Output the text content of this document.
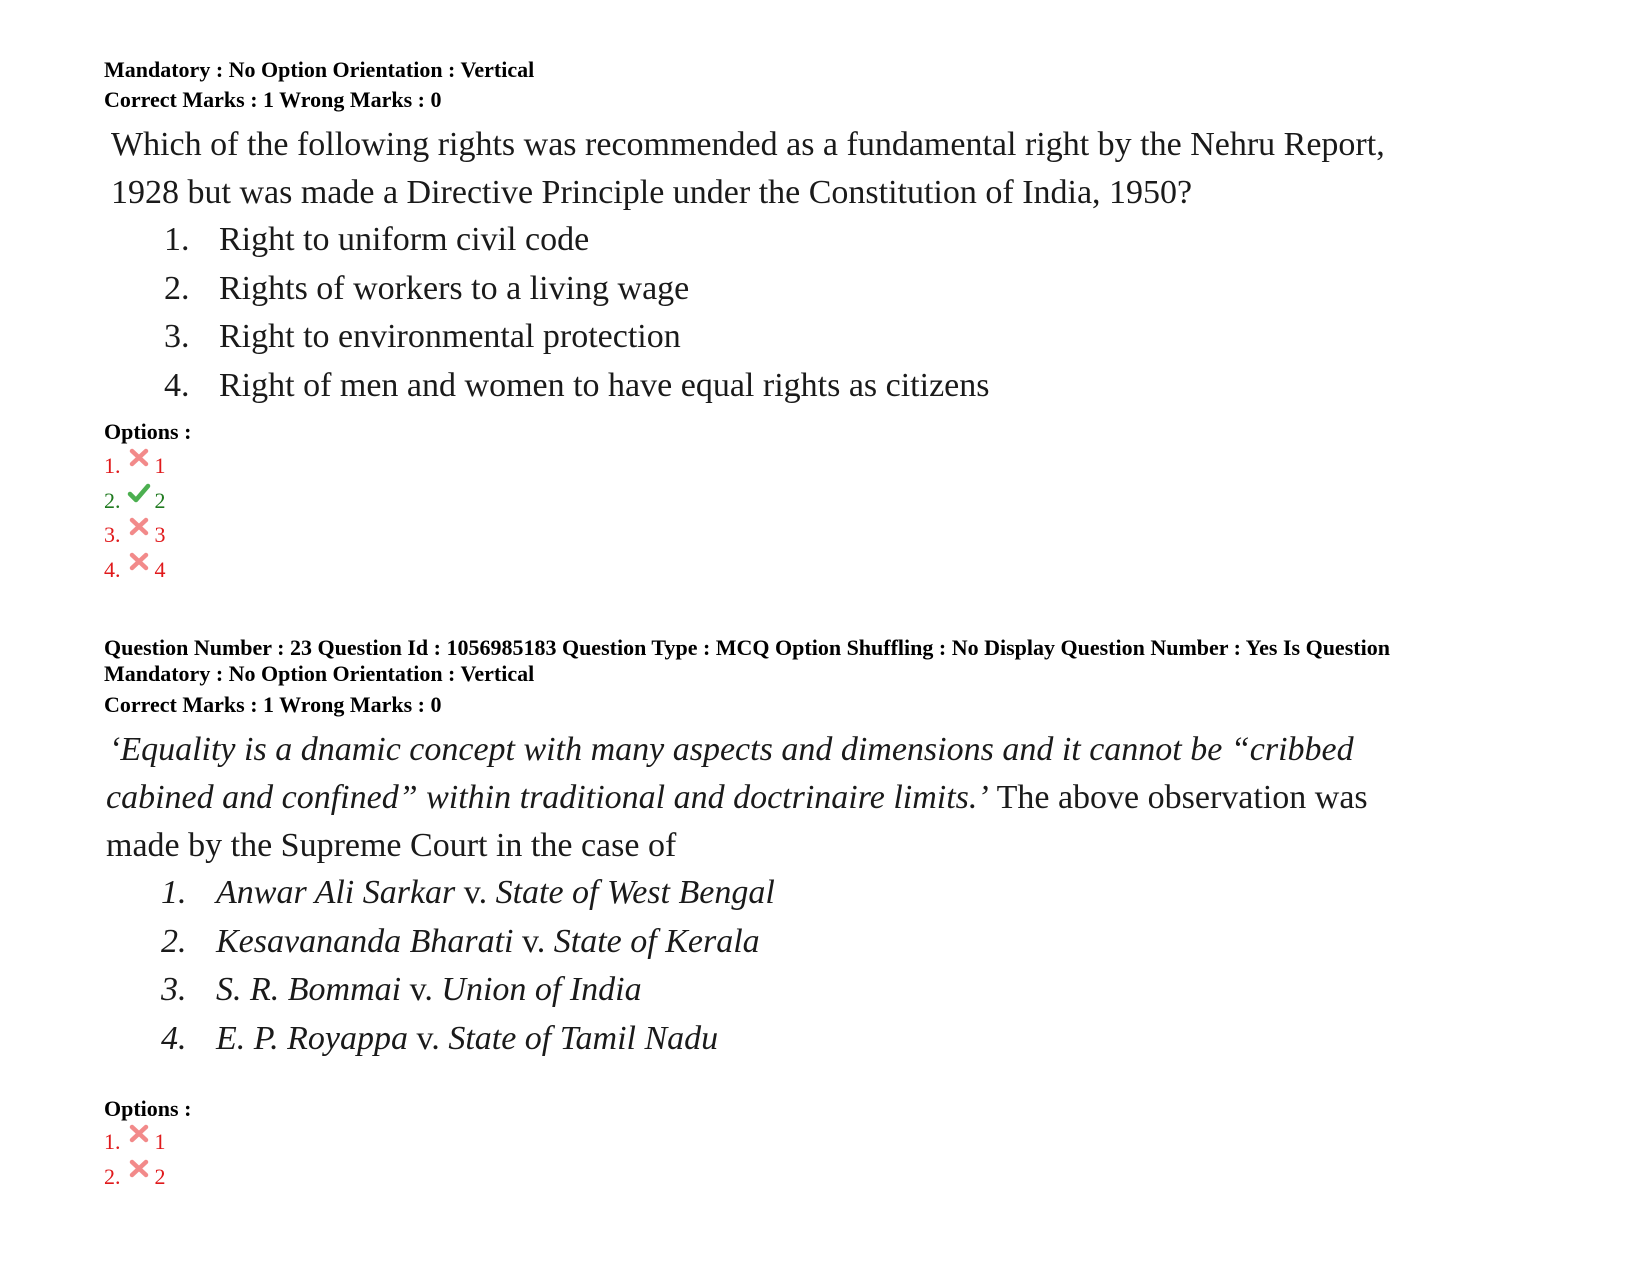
Mandatory : No Option Orientation : Vertical
Correct Marks : 1 Wrong Marks : 0
Which of the following rights was recommended as a fundamental right by the Nehru Report,
1928 but was made a Directive Principle under the Constitution of India, 1950?
1. Right to uniform civil code
2. Rights of workers to a living wage
3. Right to environmental protection
4. Right of men and women to have equal rights as citizens
Options :
1. 1
2. 2
3. 3
4. 4
Question Number : 23 Question Id : 1056985183 Question Type : MCQ Option Shuffling : No Display Question Number : Yes Is Question
Mandatory : No Option Orientation : Vertical
Correct Marks : 1 Wrong Marks : 0
‘Equality is a dnamic concept with many aspects and dimensions and it cannot be “cribbed
cabined and confined” within traditional and doctrinaire limits.’ The above observation was
made by the Supreme Court in the case of
1. Anwar Ali Sarkar v. State of West Bengal
2. Kesavananda Bharati v. State of Kerala
3. S. R. Bommai v. Union of India
4. E. P. Royappa v. State of Tamil Nadu
Options :
1. 1
2. 2
